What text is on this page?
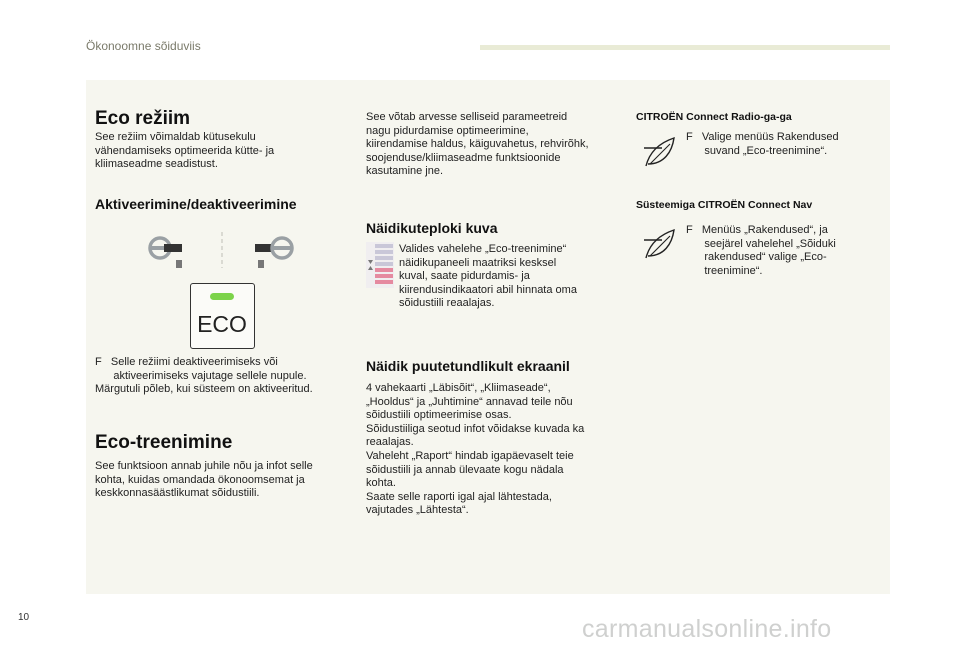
Ökonoomne sõiduviis
Eco režiim

See režiim võimaldab kütusekulu

vähendamiseks optimeerida kütte- ja

kliimaseadme seadistust.

Aktiveerimine/deaktiveerimine
ECO

F   Selle režiimi deaktiveerimiseks või

aktiveerimiseks vajutage sellele nupule.

Märgutuli põleb, kui süsteem on aktiveeritud.

Eco-treenimine

See funktsioon annab juhile nõu ja infot selle

kohta, kuidas omandada ökonoomsemat ja

keskkonnasäästlikumat sõidustiili.

See võtab arvesse selliseid parameetreid

nagu pidurdamise optimeerimine,

kiirendamise haldus, käiguvahetus, rehvirõhk,

soojenduse/kliimaseadme funktsioonide

kasutamine jne.

Näidikuteploki kuva

Valides vahelehe „Eco-treenimine“

näidikupaneeli maatriksi kesksel

kuval, saate pidurdamis- ja

kiirendusindikaatori abil hinnata oma

sõidustiili reaalajas.

Näidik puutetundlikult ekraanil

4 vahekaarti „Läbisõit“, „Kliimaseade“,

„Hooldus“ ja „Juhtimine“ annavad teile nõu

sõidustiili optimeerimise osas.

Sõidustiiliga seotud infot võidakse kuvada ka

reaalajas.

Vaheleht „Raport“ hindab igapäevaselt teie

sõidustiili ja annab ülevaate kogu nädala

kohta.

Saate selle raporti igal ajal lähtestada,

vajutades „Lähtesta“.

CITROËN Connect Radio-ga-ga

F   Valige menüüs Rakendused

suvand „Eco-treenimine“.

Süsteemiga CITROËN Connect Nav

F   Menüüs „Rakendused“, ja

seejärel vahelehel „Sõiduki

rakendused“ valige „Eco-

treenimine“.

10	carmanualsonline.info
